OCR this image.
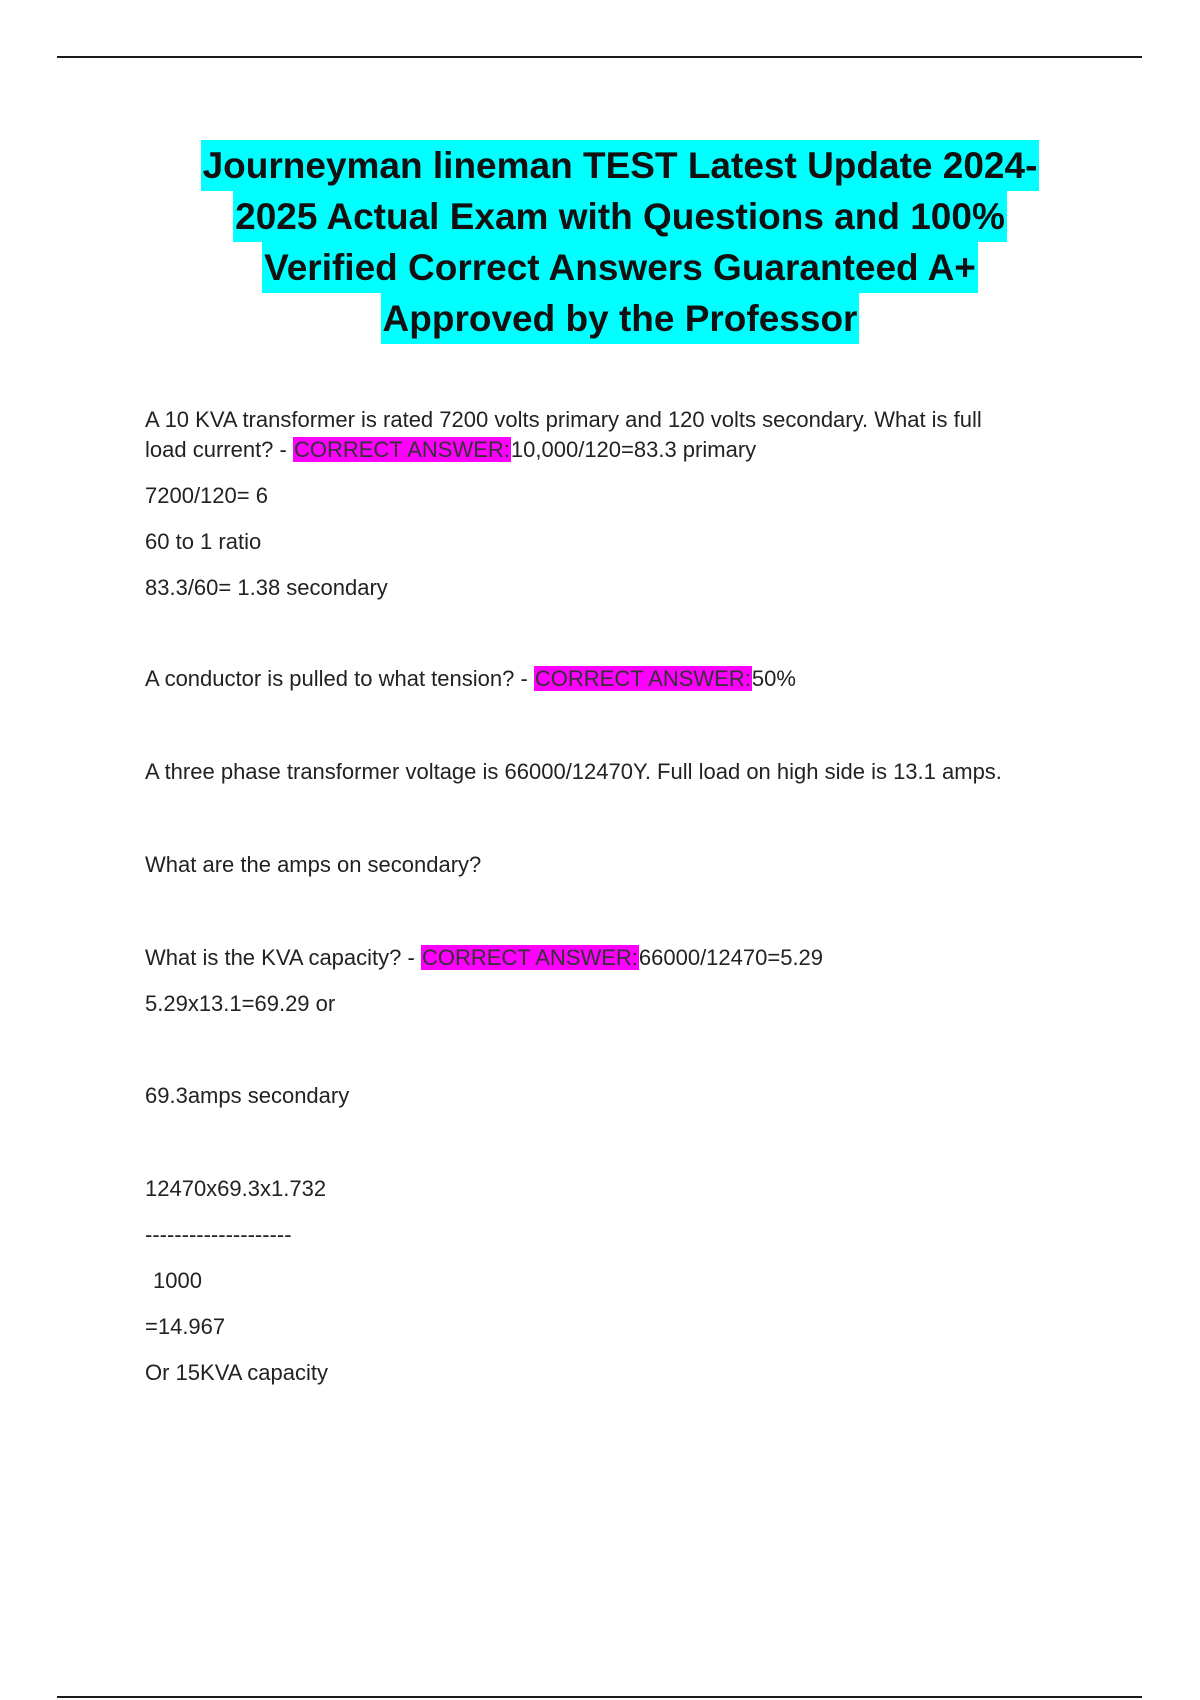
Journeyman lineman TEST Latest Update 2024-
2025 Actual Exam with Questions and 100%
Verified Correct Answers Guaranteed A+
Approved by the Professor

A 10 KVA transformer is rated 7200 volts primary and 120 volts secondary. What is full

load current? - CORRECT ANSWER:10,000/120=83.3 primary

7200/120= 6

60 to 1 ratio

83.3/60= 1.38 secondary

A conductor is pulled to what tension? - CORRECT ANSWER:50%

A three phase transformer voltage is 66000/12470Y. Full load on high side is 13.1 amps.

What are the amps on secondary?

What is the KVA capacity? - CORRECT ANSWER:66000/12470=5.29

5.29x13.1=69.29 or

69.3amps secondary

12470x69.3x1.732

--------------------

1000

=14.967

Or 15KVA capacity
